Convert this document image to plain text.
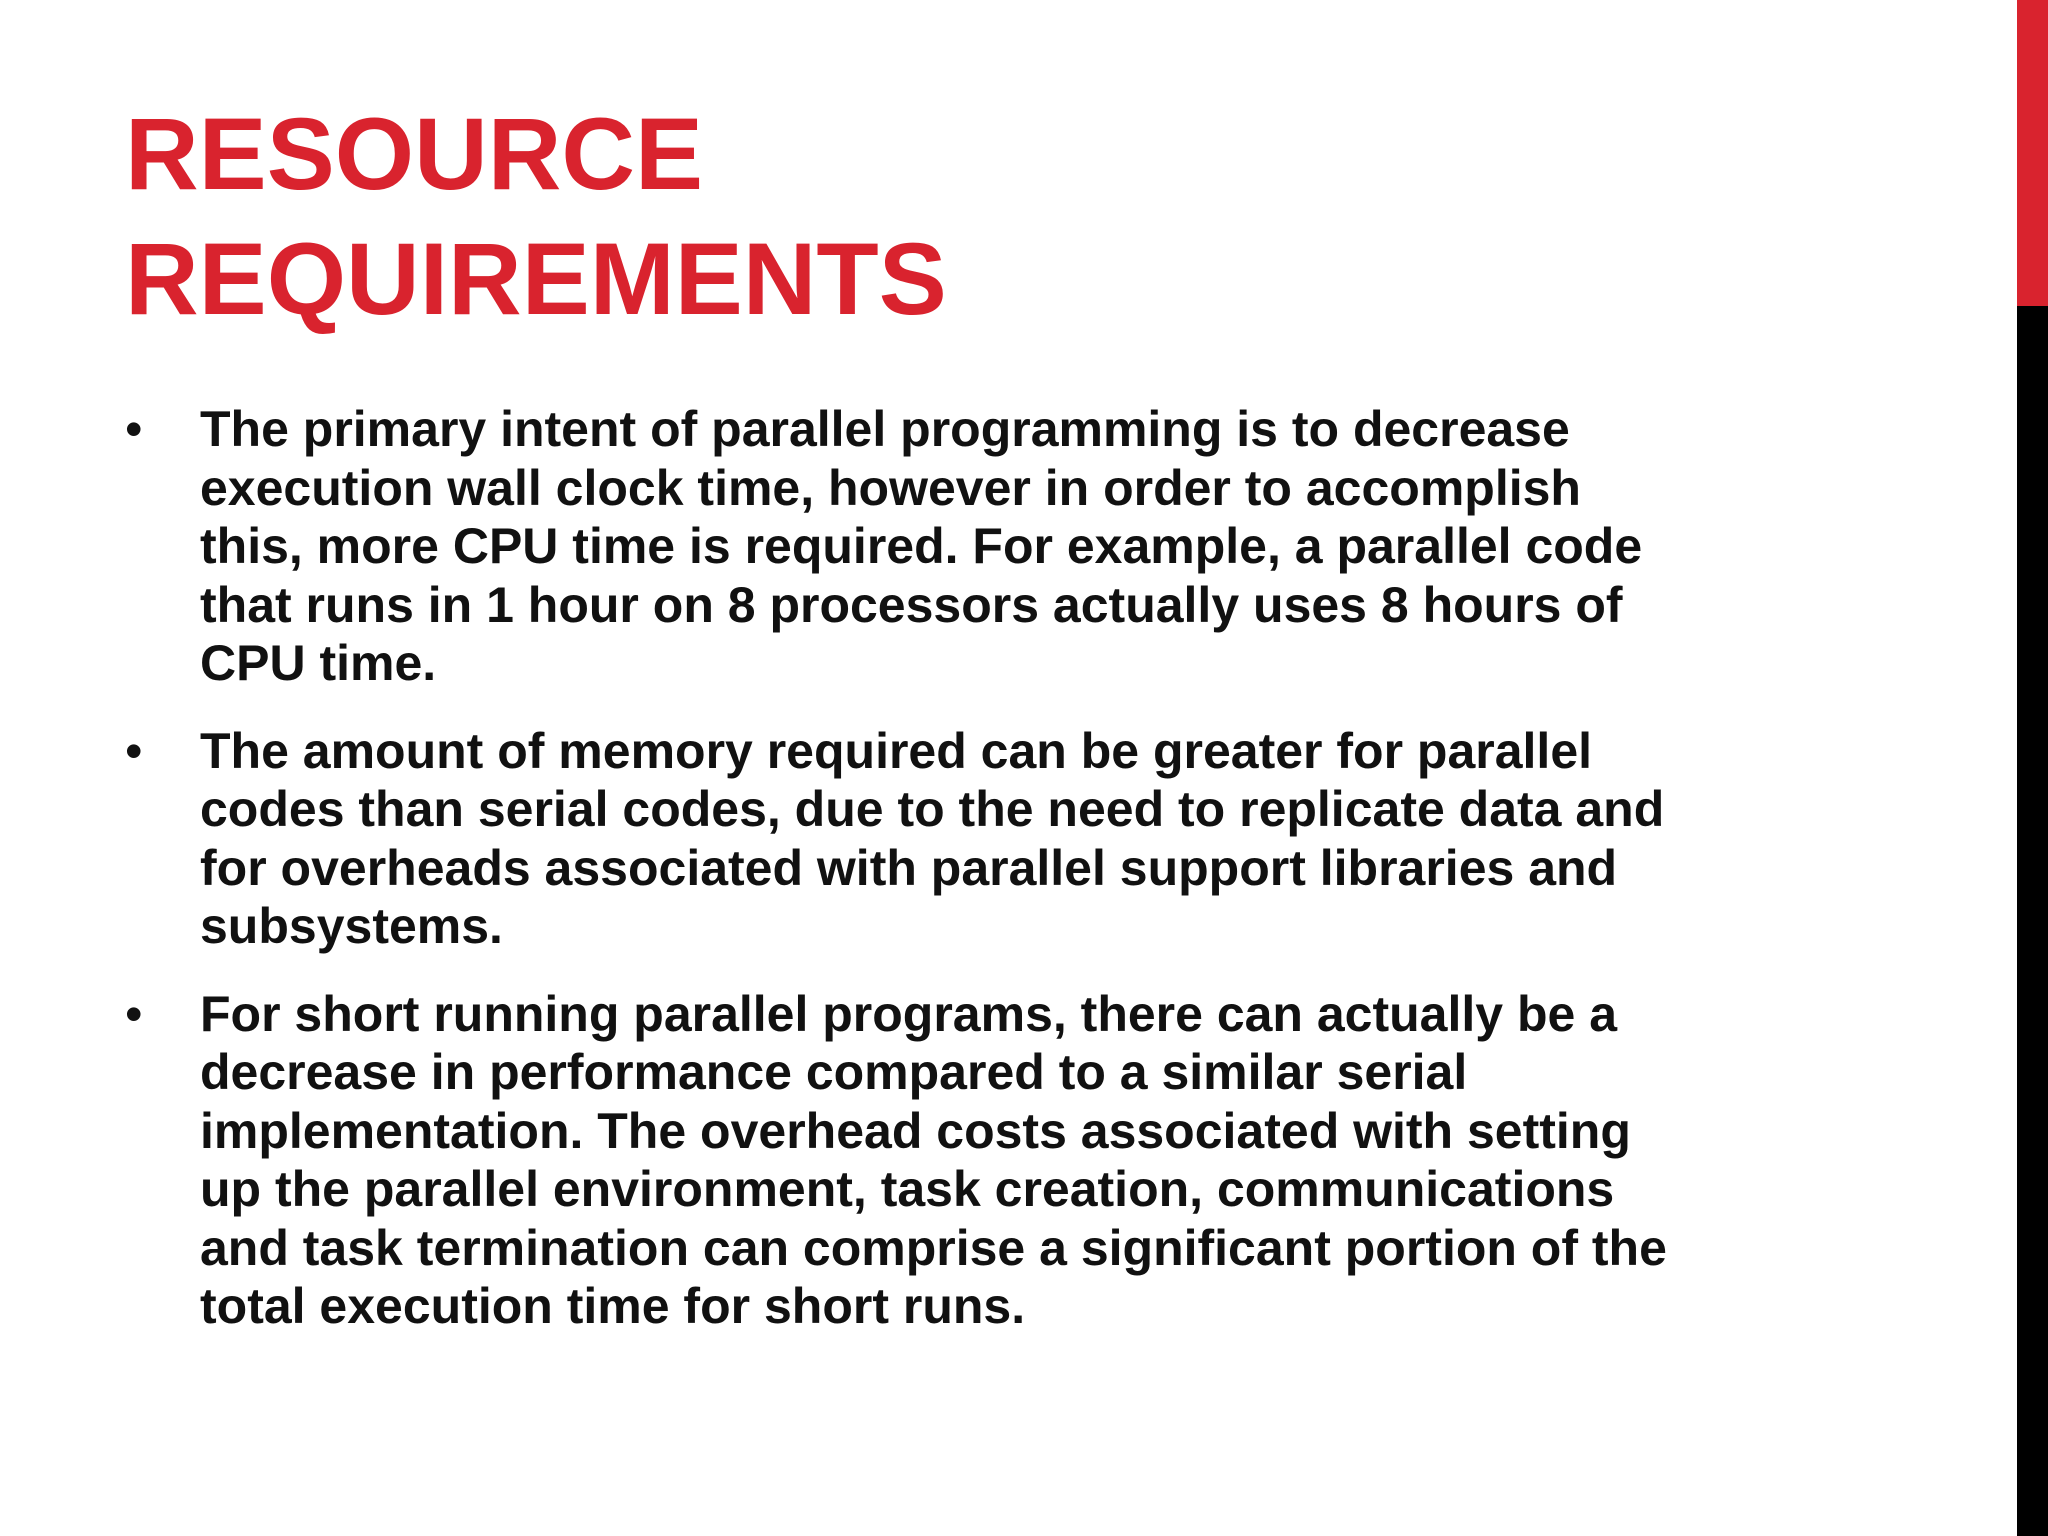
RESOURCE
REQUIREMENTS
• The primary intent of parallel programming is to decrease
execution wall clock time, however in order to accomplish
this, more CPU time is required. For example, a parallel code
that runs in 1 hour on 8 processors actually uses 8 hours of
CPU time.
• The amount of memory required can be greater for parallel
codes than serial codes, due to the need to replicate data and
for overheads associated with parallel support libraries and
subsystems.
• For short running parallel programs, there can actually be a
decrease in performance compared to a similar serial
implementation. The overhead costs associated with setting
up the parallel environment, task creation, communications
and task termination can comprise a significant portion of the
total execution time for short runs.
